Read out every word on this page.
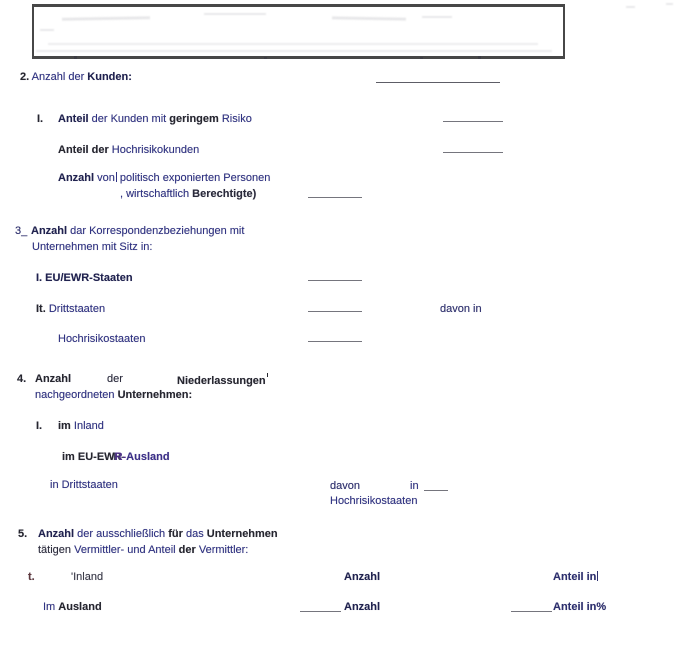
2. Anzahl der Kunden:
I. Anteil der Kunden mit geringem Risiko
Anteil der Hochrisikokunden
Anzahl von politisch exponierten Personen
, wirtschaftlich Berechtigte)
3_ Anzahl dar Korrespondenzbeziehungen mit
Unternehmen mit Sitz in:
I. EU/EWR-Staaten
It. Drittstaaten	davon in
Hochrisikostaaten
4. Anzahl	der	Niederlassungen
nachgeordneten Unternehmen:
I. im Inland
im EU-EWR-Ausland
in Drittstaaten	davon	in
Hochrisikostaaten
5. Anzahl der ausschließlich für das Unternehmen
tätigen Vermittler- und Anteil der Vermittler:
t.	'Inland	Anzahl	Anteil in
Im Ausland	Anzahl	Anteil in%
